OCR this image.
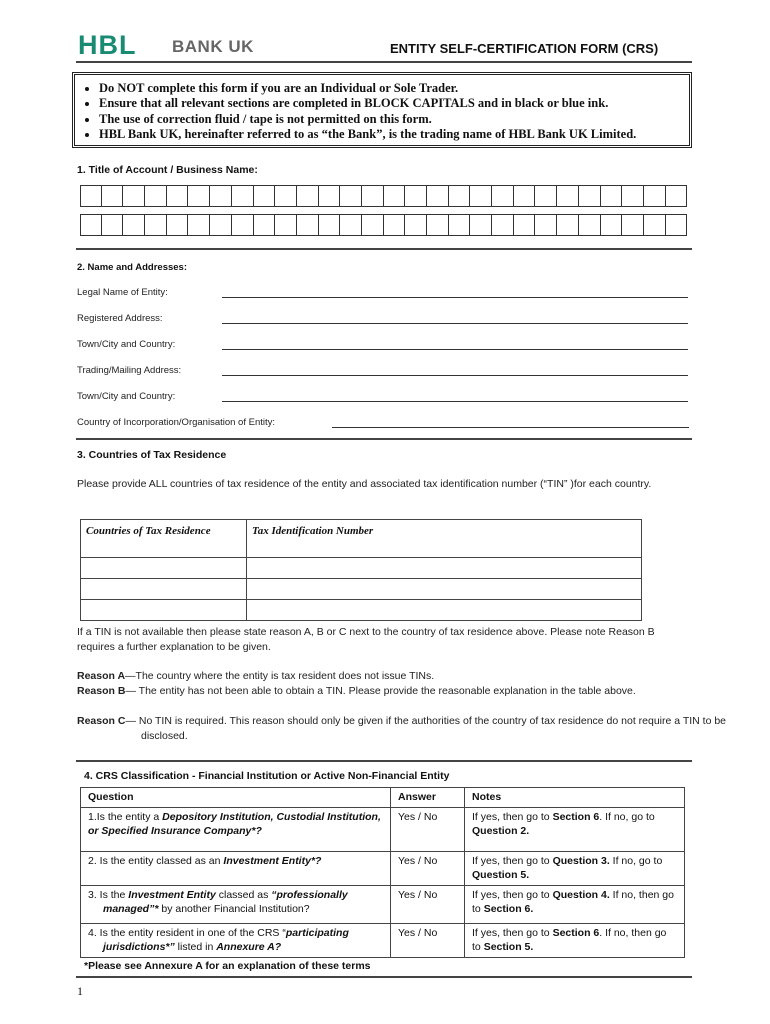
HBL BANK UK	ENTITY SELF-CERTIFICATION FORM (CRS)
• Do NOT complete this form if you are an Individual or Sole Trader.
• Ensure that all relevant sections are completed in BLOCK CAPITALS and in black or blue ink.
• The use of correction fluid / tape is not permitted on this form.
• HBL Bank UK, hereinafter referred to as “the Bank”, is the trading name of HBL Bank UK Limited.
1. Title of Account / Business Name:
2. Name and Addresses:
Legal Name of Entity:
Registered Address:
Town/City and Country:
Trading/Mailing Address:
Town/City and Country:
Country of Incorporation/Organisation of Entity:
3. Countries of Tax Residence
Please provide ALL countries of tax residence of the entity and associated tax identification number (“TIN” )for each country.
Countries of Tax Residence	Tax Identification Number

If a TIN is not available then please state reason A, B or C next to the country of tax residence above. Please note Reason B requires a further explanation to be given.
Reason A—The country where the entity is tax resident does not issue TINs.
Reason B— The entity has not been able to obtain a TIN. Please provide the reasonable explanation in the table above.
Reason C— No TIN is required. This reason should only be given if the authorities of the country of tax residence do not require a TIN to be disclosed.
4. CRS Classification - Financial Institution or Active Non-Financial Entity
Question	Answer	Notes
1.Is the entity a Depository Institution, Custodial Institution, or Specified Insurance Company*?	Yes / No	If yes, then go to Section 6. If no, go to Question 2.
2. Is the entity classed as an Investment Entity*?	Yes / No	If yes, then go to Question 3. If no, go to Question 5.
3. Is the Investment Entity classed as “professionally managed”* by another Financial Institution?	Yes / No	If yes, then go to Question 4. If no, then go to Section 6.
4. Is the entity resident in one of the CRS “participating jurisdictions*” listed in Annexure A?	Yes / No	If yes, then go to Section 6. If no, then go to Section 5.
*Please see Annexure A for an explanation of these terms
1
